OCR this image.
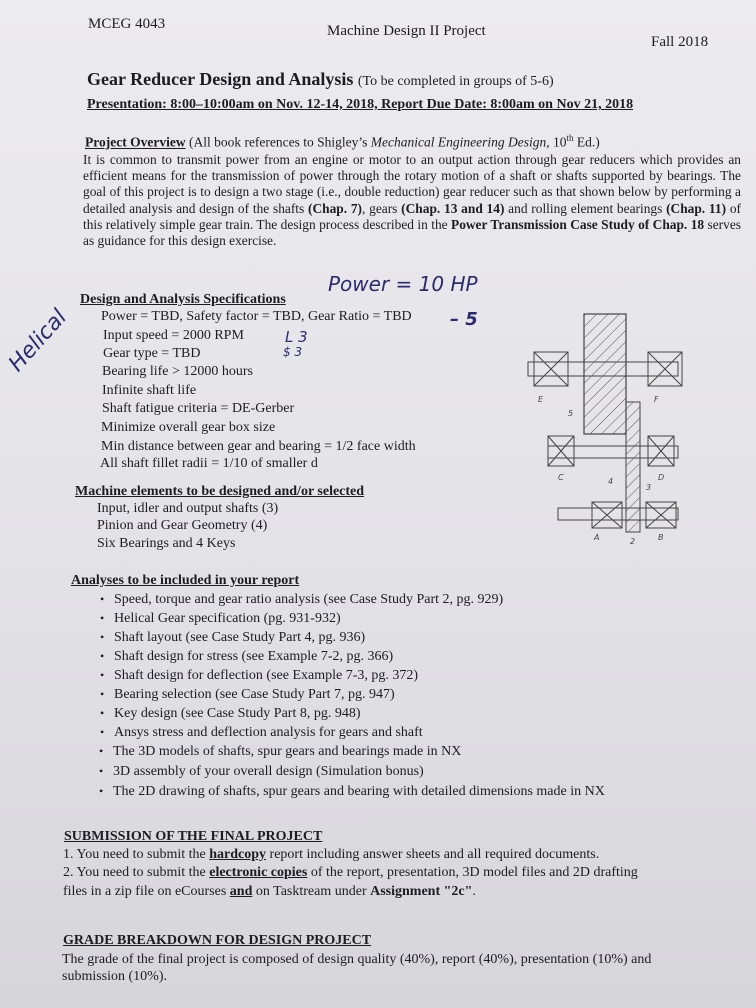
MCEG 4043	Machine Design II Project
Fall 2018
Gear Reducer Design and Analysis (To be completed in groups of 5-6)
Presentation: 8:00–10:00am on Nov. 12-14, 2018, Report Due Date: 8:00am on Nov 21, 2018
Project Overview (All book references to Shigley’s Mechanical Engineering Design, 10th Ed.)
It is common to transmit power from an engine or motor to an output action through gear reducers which provides an efficient means for the transmission of power through the rotary motion of a shaft or shafts supported by bearings. The goal of this project is to design a two stage (i.e., double reduction) gear reducer such as that shown below by performing a detailed analysis and design of the shafts (Chap. 7), gears (Chap. 13 and 14) and rolling element bearings (Chap. 11) of this relatively simple gear train. The design process described in the Power Transmission Case Study of Chap. 18 serves as guidance for this design exercise.
Design and Analysis Specifications
Power = TBD, Safety factor = TBD, Gear Ratio = TBD
Input speed = 2000 RPM
Gear type = TBD
Bearing life > 12000 hours
Infinite shaft life
Shaft fatigue criteria = DE-Gerber
Minimize overall gear box size
Min distance between gear and bearing = 1/2 face width
All shaft fillet radii = 1/10 of smaller d
Power = 10 HP
– 5
L 3
$ 3
Helical
E	F
5
C	D
4
3
A	2	B
Machine elements to be designed and/or selected
Input, idler and output shafts (3)
Pinion and Gear Geometry (4)
Six Bearings and 4 Keys
Analyses to be included in your report
• Speed, torque and gear ratio analysis (see Case Study Part 2, pg. 929)
• Helical Gear specification (pg. 931-932)
• Shaft layout (see Case Study Part 4, pg. 936)
• Shaft design for stress (see Example 7-2, pg. 366)
• Shaft design for deflection (see Example 7-3, pg. 372)
• Bearing selection (see Case Study Part 7, pg. 947)
• Key design (see Case Study Part 8, pg. 948)
• Ansys stress and deflection analysis for gears and shaft
• The 3D models of shafts, spur gears and bearings made in NX
• 3D assembly of your overall design (Simulation bonus)
• The 2D drawing of shafts, spur gears and bearing with detailed dimensions made in NX
SUBMISSION OF THE FINAL PROJECT
1. You need to submit the hardcopy report including answer sheets and all required documents.
2. You need to submit the electronic copies of the report, presentation, 3D model files and 2D drafting
files in a zip file on eCourses and on Tasktream under Assignment "2c".
GRADE BREAKDOWN FOR DESIGN PROJECT
The grade of the final project is composed of design quality (40%), report (40%), presentation (10%) and
submission (10%).
